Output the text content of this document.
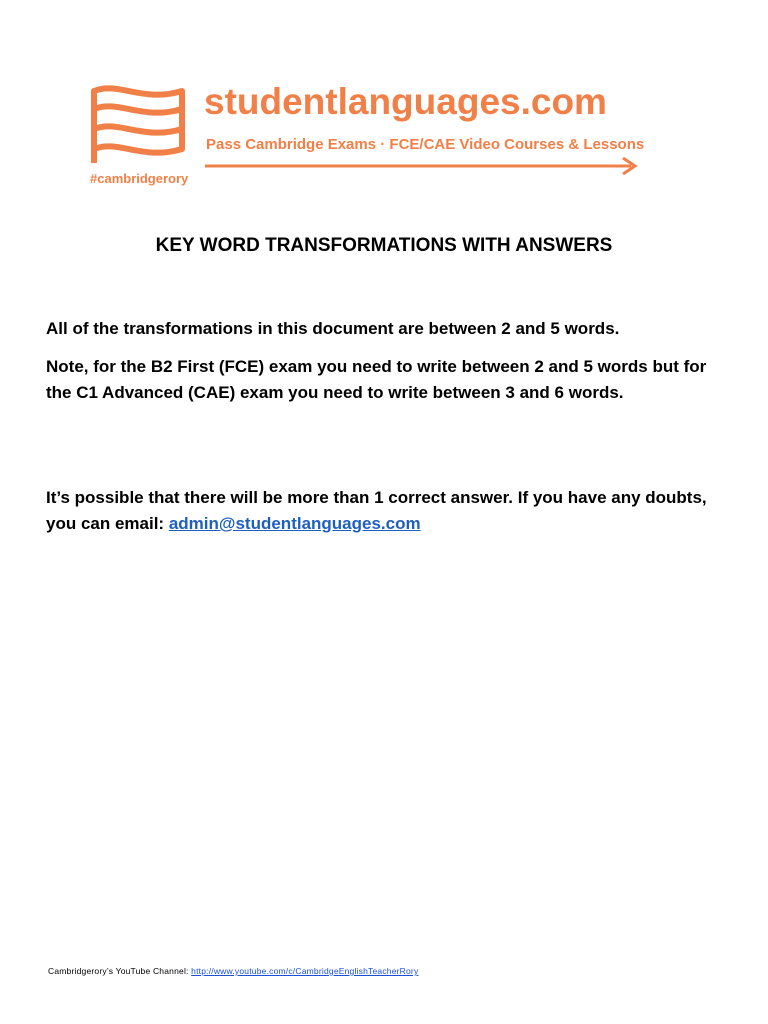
#cambridgerory
studentlanguages.com
Pass Cambridge Exams · FCE/CAE Video Courses & Lessons
KEY WORD TRANSFORMATIONS WITH ANSWERS
All of the transformations in this document are between 2 and 5 words.
Note, for the B2 First (FCE) exam you need to write between 2 and 5 words but for the C1 Advanced (CAE) exam you need to write between 3 and 6 words.
It’s possible that there will be more than 1 correct answer. If you have any doubts, you can email: admin@studentlanguages.com
Cambridgerory’s YouTube Channel: http://www.youtube.com/c/CambridgeEnglishTeacherRory
